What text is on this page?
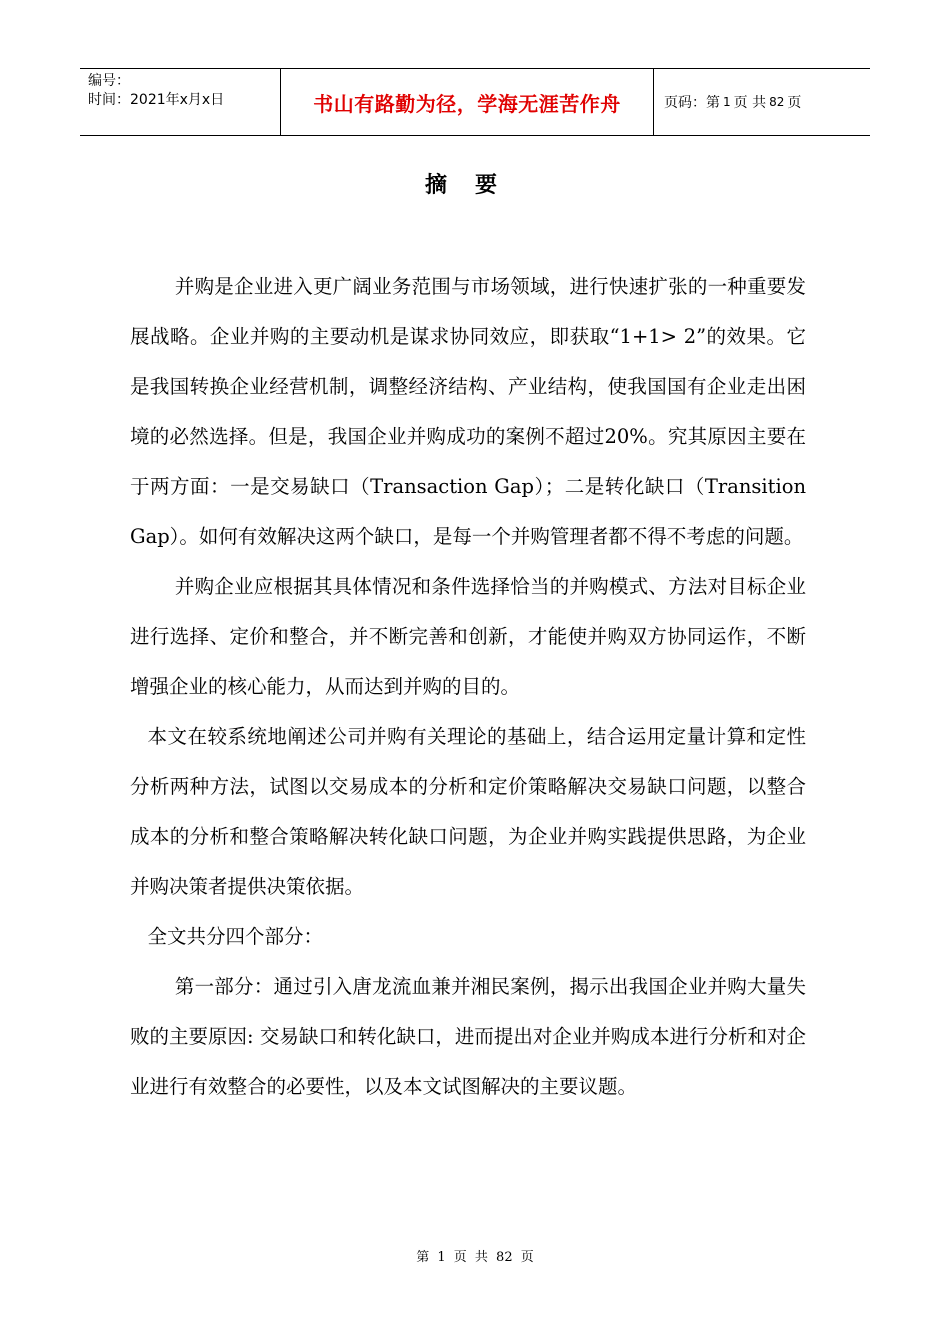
编号：
时间：2021年x月x日	书山有路勤为径，学海无涯苦作舟	页码：第 1 页 共 82 页
摘要

并购是企业进入更广阔业务范围与市场领域，进行快速扩张的一种重要发展战略。企业并购的主要动机是谋求协同效应，即获取“1+1> 2”的效果。它是我国转换企业经营机制，调整经济结构、产业结构，使我国国有企业走出困境的必然选择。但是，我国企业并购成功的案例不超过20%。究其原因主要在于两方面：一是交易缺口（Transaction Gap）；二是转化缺口（Transition Gap）。如何有效解决这两个缺口，是每一个并购管理者都不得不考虑的问题。

并购企业应根据其具体情况和条件选择恰当的并购模式、方法对目标企业进行选择、定价和整合，并不断完善和创新，才能使并购双方协同运作，不断增强企业的核心能力，从而达到并购的目的。

本文在较系统地阐述公司并购有关理论的基础上，结合运用定量计算和定性分析两种方法，试图以交易成本的分析和定价策略解决交易缺口问题，以整合成本的分析和整合策略解决转化缺口问题，为企业并购实践提供思路，为企业并购决策者提供决策依据。

全文共分四个部分：

第一部分：通过引入唐龙流血兼并湘民案例，揭示出我国企业并购大量失败的主要原因: 交易缺口和转化缺口，进而提出对企业并购成本进行分析和对企业进行有效整合的必要性，以及本文试图解决的主要议题。

第 1 页 共 82 页
